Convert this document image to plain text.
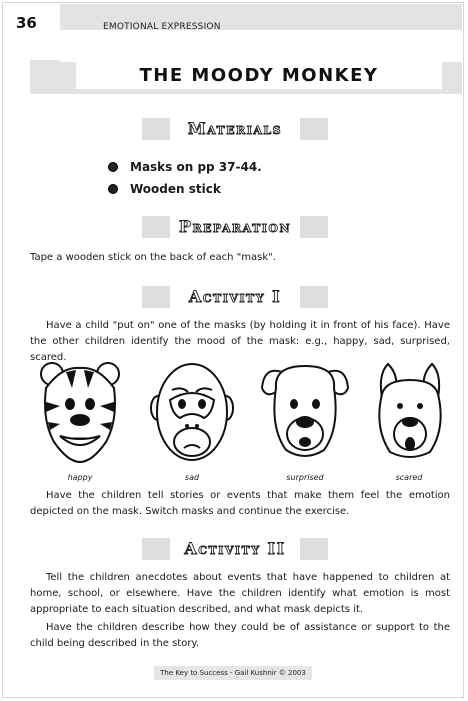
36	EMOTIONAL EXPRESSION
THE MOODY MONKEY
Materials
Masks on pp 37-44.
Wooden stick
Preparation
Tape a wooden stick on the back of each "mask".
Activity I
Have a child "put on" one of the masks (by holding it in front of his face). Have the other children identify the mood of the mask: e.g., happy, sad, surprised, scared.
happy	sad	surprised	scared
Have the children tell stories or events that make them feel the emotion depicted on the mask. Switch masks and continue the exercise.
Activity II
Tell the children anecdotes about events that have happened to children at home, school, or elsewhere. Have the children identify what emotion is most appropriate to each situation described, and what mask depicts it.
Have the children describe how they could be of assistance or support to the child being described in the story.
The Key to Success - Gail Kushnir © 2003
